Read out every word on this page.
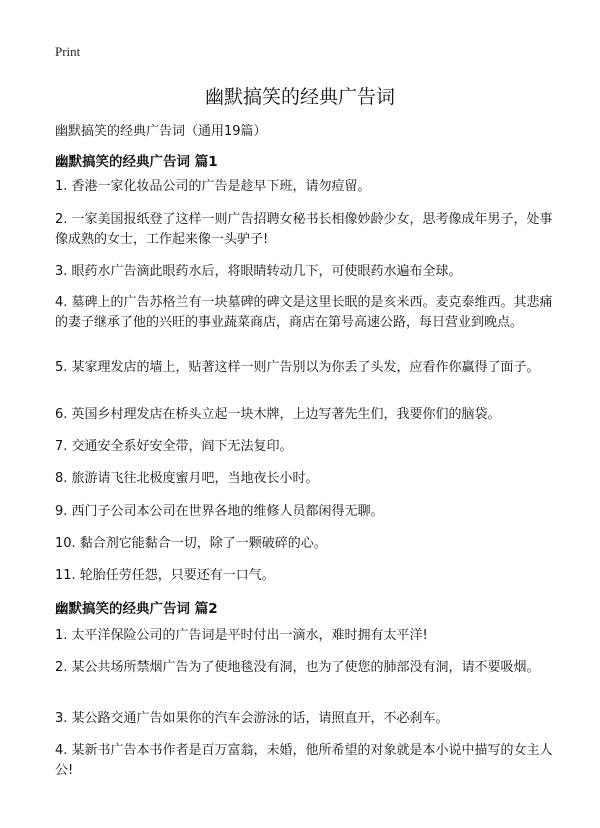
Print
幽默搞笑的经典广告词
幽默搞笑的经典广告词（通用19篇）
幽默搞笑的经典广告词 篇1

1. 香港一家化妆品公司的广告是趁早下班，请勿痘留。

2. 一家美国报纸登了这样一则广告招聘女秘书长相像妙龄少女，思考像成年男子，处事像成熟的女士，工作起来像一头驴子!

3. 眼药水广告滴此眼药水后，将眼睛转动几下，可使眼药水遍布全球。

4. 墓碑上的广告苏格兰有一块墓碑的碑文是这里长眠的是亥米西。麦克泰维西。其悲痛的妻子继承了他的兴旺的事业蔬菜商店，商店在第号高速公路，每日营业到晚点。

5. 某家理发店的墙上，贴著这样一则广告别以为你丢了头发，应看作你赢得了面子。

6. 英国乡村理发店在桥头立起一块木牌，上边写著先生们，我要你们的脑袋。

7. 交通安全系好安全带，阎下无法复印。

8. 旅游请飞往北极度蜜月吧，当地夜长小时。

9. 西门子公司本公司在世界各地的维修人员都闲得无聊。

10. 黏合剂它能黏合一切，除了一颗破碎的心。

11. 轮胎任劳任怨，只要还有一口气。

幽默搞笑的经典广告词 篇2

1. 太平洋保险公司的广告词是平时付出一滴水，难时拥有太平洋!

2. 某公共场所禁烟广告为了使地毯没有洞，也为了使您的肺部没有洞，请不要吸烟。

3. 某公路交通广告如果你的汽车会游泳的话，请照直开，不必刹车。

4. 某新书广告本书作者是百万富翁，未婚，他所希望的对象就是本小说中描写的女主人公!
